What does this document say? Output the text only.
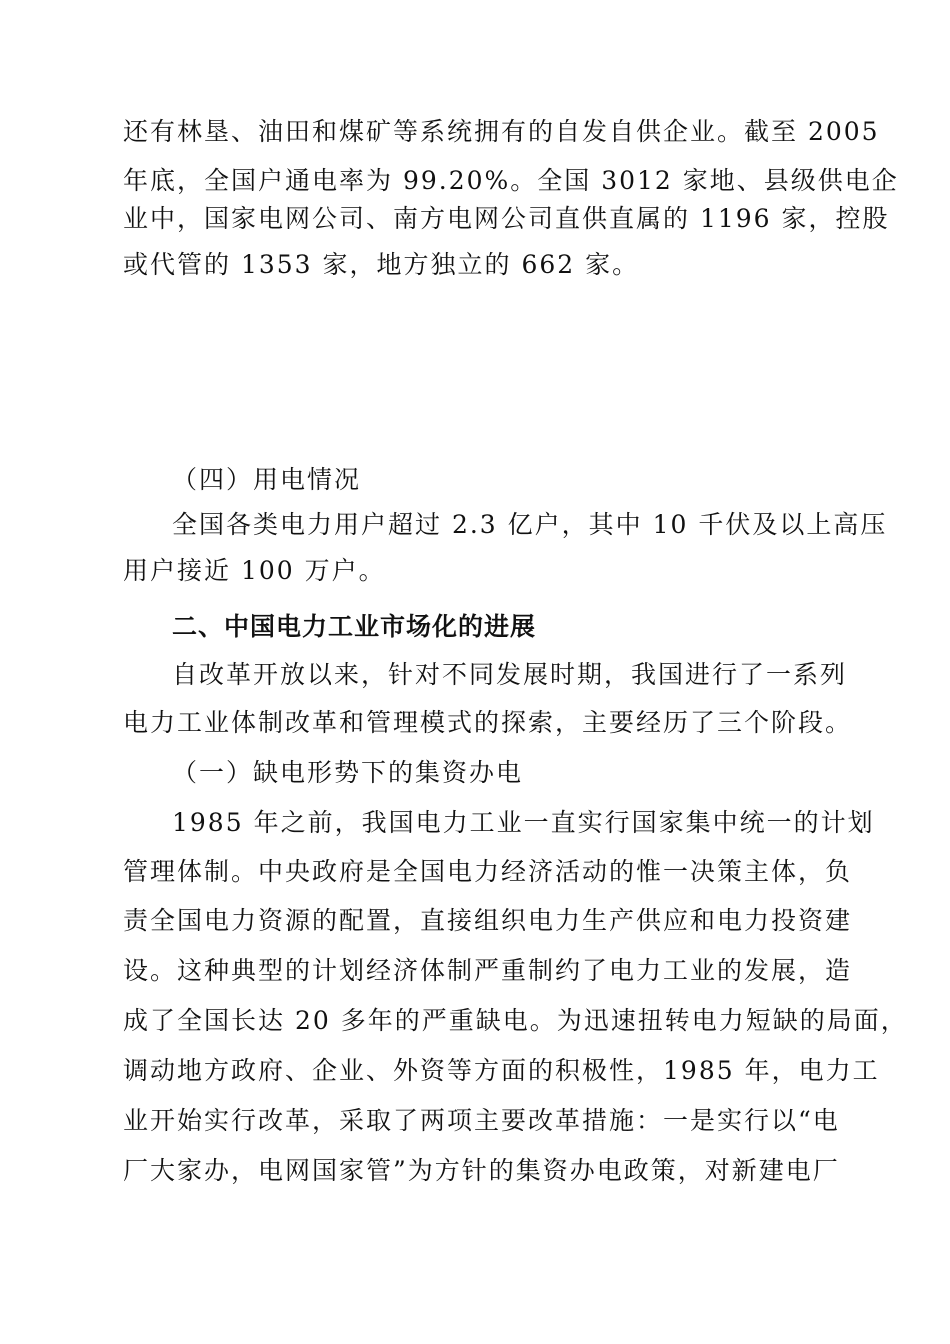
还有林垦、油田和煤矿等系统拥有的自发自供企业。截至 2005
年底，全国户通电率为 99.20%。全国 3012 家地、县级供电企
业中，国家电网公司、南方电网公司直供直属的 1196 家，控股
或代管的 1353 家，地方独立的 662 家。
（四）用电情况
全国各类电力用户超过 2.3 亿户，其中 10 千伏及以上高压
用户接近 100 万户。
二、中国电力工业市场化的进展
自改革开放以来，针对不同发展时期，我国进行了一系列
电力工业体制改革和管理模式的探索，主要经历了三个阶段。
（一）缺电形势下的集资办电
1985 年之前，我国电力工业一直实行国家集中统一的计划
管理体制。中央政府是全国电力经济活动的惟一决策主体，负
责全国电力资源的配置，直接组织电力生产供应和电力投资建
设。这种典型的计划经济体制严重制约了电力工业的发展，造
成了全国长达 20 多年的严重缺电。为迅速扭转电力短缺的局面，
调动地方政府、企业、外资等方面的积极性，1985 年，电力工
业开始实行改革，采取了两项主要改革措施：一是实行以“电
厂大家办，电网国家管”为方针的集资办电政策，对新建电厂
